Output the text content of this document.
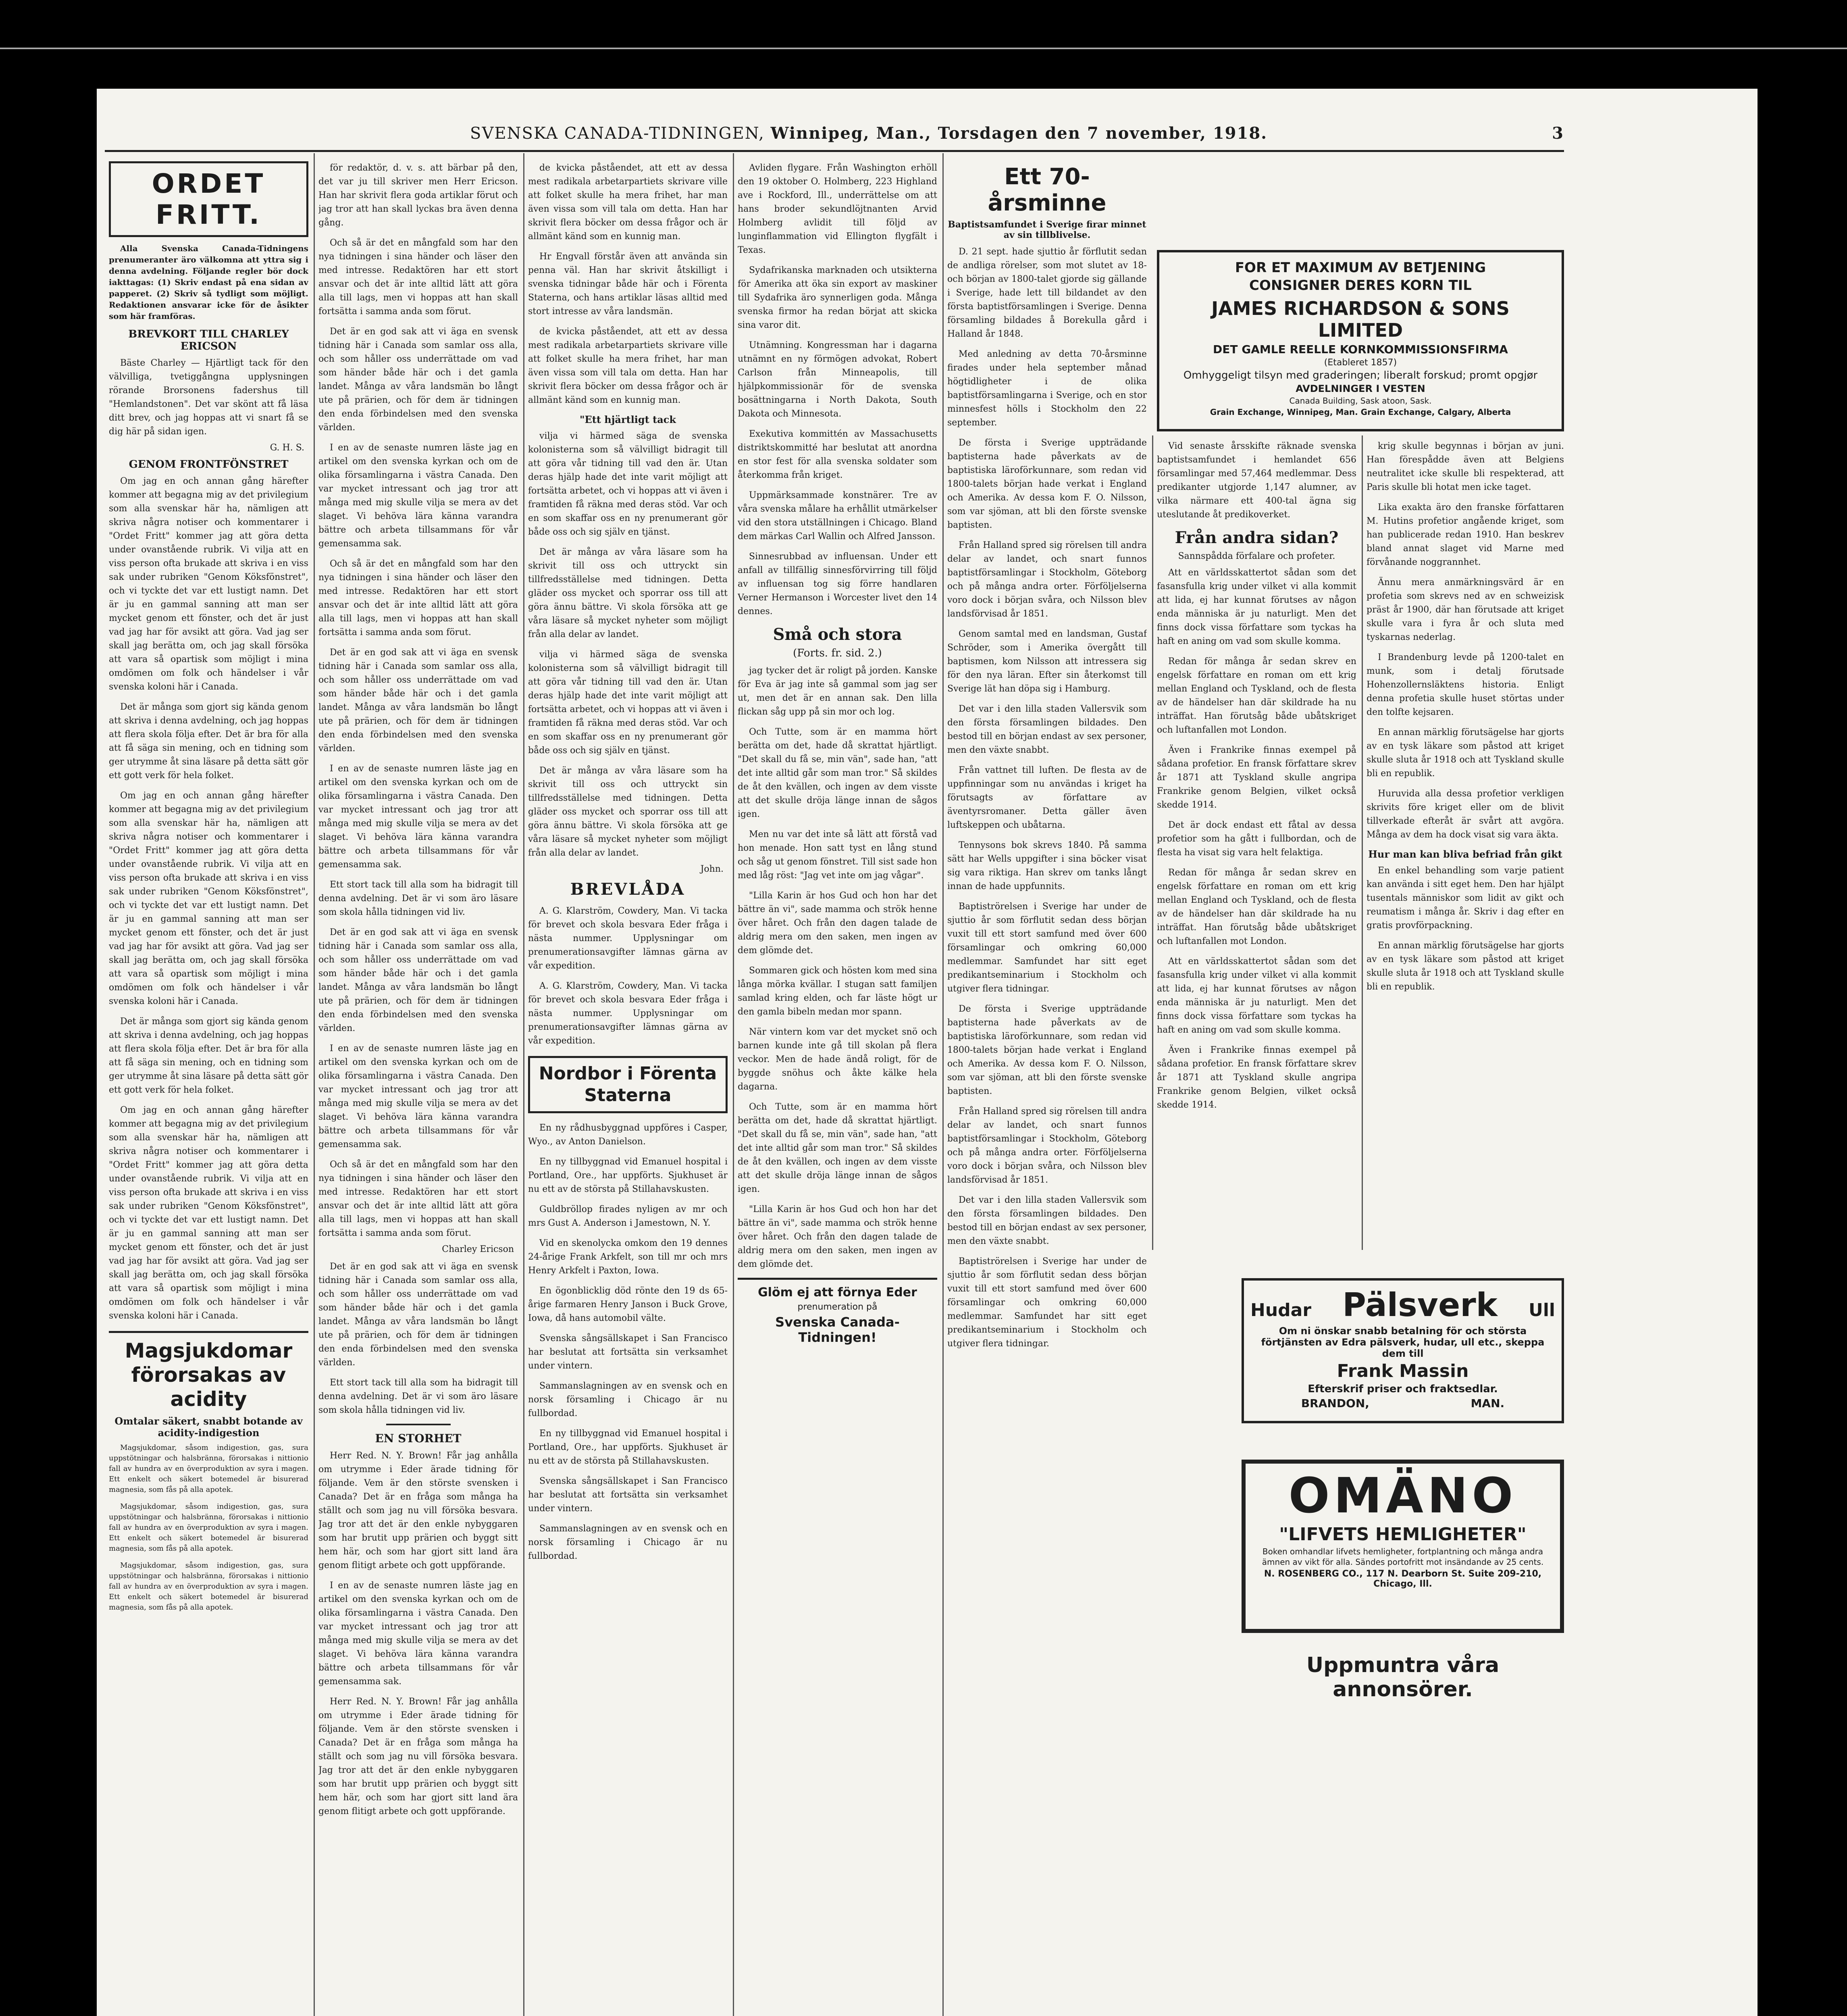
SVENSKA CANADA-TIDNINGEN, Winnipeg, Man., Torsdagen den 7 november, 1918.	3
ORDET FRITT.

Alla Svenska Canada-Tidningens prenumeranter äro välkomna att yttra sig i denna avdelning. Följande regler bör dock iakttagas: (1) Skriv endast på ena sidan av papperet. (2) Skriv så tydligt som möjligt. Redaktionen ansvarar icke för de åsikter som här framföras.

BREVKORT TILL CHARLEY ERICSON

Bäste Charley — Hjärtligt tack för den välvilliga, tvetiggångna upplysningen rörande Brorsonens fadershus till "Hemlandstonen". Det var skönt att få läsa ditt brev, och jag hoppas att vi snart få se dig här på sidan igen.

G. H. S.
GENOM FRONTFÖNSTRET

Om jag en och annan gång härefter kommer att begagna mig av det privilegium som alla svenskar här ha, nämligen att skriva några notiser och kommentarer i "Ordet Fritt" kommer jag att göra detta under ovanstående rubrik. Vi vilja att en viss person ofta brukade att skriva i en viss sak under rubriken "Genom Köksfönstret", och vi tyckte det var ett lustigt namn. Det är ju en gammal sanning att man ser mycket genom ett fönster, och det är just vad jag har för avsikt att göra. Vad jag ser skall jag berätta om, och jag skall försöka att vara så opartisk som möjligt i mina omdömen om folk och händelser i vår svenska koloni här i Canada.

Det är många som gjort sig kända genom att skriva i denna avdelning, och jag hoppas att flera skola följa efter. Det är bra för alla att få säga sin mening, och en tidning som ger utrymme åt sina läsare på detta sätt gör ett gott verk för hela folket.

Om jag en och annan gång härefter kommer att begagna mig av det privilegium som alla svenskar här ha, nämligen att skriva några notiser och kommentarer i "Ordet Fritt" kommer jag att göra detta under ovanstående rubrik. Vi vilja att en viss person ofta brukade att skriva i en viss sak under rubriken "Genom Köksfönstret", och vi tyckte det var ett lustigt namn. Det är ju en gammal sanning att man ser mycket genom ett fönster, och det är just vad jag har för avsikt att göra. Vad jag ser skall jag berätta om, och jag skall försöka att vara så opartisk som möjligt i mina omdömen om folk och händelser i vår svenska koloni här i Canada.

Det är många som gjort sig kända genom att skriva i denna avdelning, och jag hoppas att flera skola följa efter. Det är bra för alla att få säga sin mening, och en tidning som ger utrymme åt sina läsare på detta sätt gör ett gott verk för hela folket.

Om jag en och annan gång härefter kommer att begagna mig av det privilegium som alla svenskar här ha, nämligen att skriva några notiser och kommentarer i "Ordet Fritt" kommer jag att göra detta under ovanstående rubrik. Vi vilja att en viss person ofta brukade att skriva i en viss sak under rubriken "Genom Köksfönstret", och vi tyckte det var ett lustigt namn. Det är ju en gammal sanning att man ser mycket genom ett fönster, och det är just vad jag har för avsikt att göra. Vad jag ser skall jag berätta om, och jag skall försöka att vara så opartisk som möjligt i mina omdömen om folk och händelser i vår svenska koloni här i Canada.

Magsjukdomar förorsakas av acidity
Omtalar säkert, snabbt botande av acidity-indigestion

Magsjukdomar, såsom indigestion, gas, sura uppstötningar och halsbränna, förorsakas i nittionio fall av hundra av en överproduktion av syra i magen. Ett enkelt och säkert botemedel är bisurerad magnesia, som fås på alla apotek.

Magsjukdomar, såsom indigestion, gas, sura uppstötningar och halsbränna, förorsakas i nittionio fall av hundra av en överproduktion av syra i magen. Ett enkelt och säkert botemedel är bisurerad magnesia, som fås på alla apotek.

Magsjukdomar, såsom indigestion, gas, sura uppstötningar och halsbränna, förorsakas i nittionio fall av hundra av en överproduktion av syra i magen. Ett enkelt och säkert botemedel är bisurerad magnesia, som fås på alla apotek.

för redaktör, d. v. s. att bärbar på den, det var ju till skriver men Herr Ericson. Han har skrivit flera goda artiklar förut och jag tror att han skall lyckas bra även denna gång.

Och så är det en mångfald som har den nya tidningen i sina händer och läser den med intresse. Redaktören har ett stort ansvar och det är inte alltid lätt att göra alla till lags, men vi hoppas att han skall fortsätta i samma anda som förut.

Det är en god sak att vi äga en svensk tidning här i Canada som samlar oss alla, och som håller oss underrättade om vad som händer både här och i det gamla landet. Många av våra landsmän bo långt ute på prärien, och för dem är tidningen den enda förbindelsen med den svenska världen.

I en av de senaste numren läste jag en artikel om den svenska kyrkan och om de olika församlingarna i västra Canada. Den var mycket intressant och jag tror att många med mig skulle vilja se mera av det slaget. Vi behöva lära känna varandra bättre och arbeta tillsammans för vår gemensamma sak.

Och så är det en mångfald som har den nya tidningen i sina händer och läser den med intresse. Redaktören har ett stort ansvar och det är inte alltid lätt att göra alla till lags, men vi hoppas att han skall fortsätta i samma anda som förut.

Det är en god sak att vi äga en svensk tidning här i Canada som samlar oss alla, och som håller oss underrättade om vad som händer både här och i det gamla landet. Många av våra landsmän bo långt ute på prärien, och för dem är tidningen den enda förbindelsen med den svenska världen.

I en av de senaste numren läste jag en artikel om den svenska kyrkan och om de olika församlingarna i västra Canada. Den var mycket intressant och jag tror att många med mig skulle vilja se mera av det slaget. Vi behöva lära känna varandra bättre och arbeta tillsammans för vår gemensamma sak.

Ett stort tack till alla som ha bidragit till denna avdelning. Det är vi som äro läsare som skola hålla tidningen vid liv.

Det är en god sak att vi äga en svensk tidning här i Canada som samlar oss alla, och som håller oss underrättade om vad som händer både här och i det gamla landet. Många av våra landsmän bo långt ute på prärien, och för dem är tidningen den enda förbindelsen med den svenska världen.

I en av de senaste numren läste jag en artikel om den svenska kyrkan och om de olika församlingarna i västra Canada. Den var mycket intressant och jag tror att många med mig skulle vilja se mera av det slaget. Vi behöva lära känna varandra bättre och arbeta tillsammans för vår gemensamma sak.

Och så är det en mångfald som har den nya tidningen i sina händer och läser den med intresse. Redaktören har ett stort ansvar och det är inte alltid lätt att göra alla till lags, men vi hoppas att han skall fortsätta i samma anda som förut.

Charley Ericson

Det är en god sak att vi äga en svensk tidning här i Canada som samlar oss alla, och som håller oss underrättade om vad som händer både här och i det gamla landet. Många av våra landsmän bo långt ute på prärien, och för dem är tidningen den enda förbindelsen med den svenska världen.

Ett stort tack till alla som ha bidragit till denna avdelning. Det är vi som äro läsare som skola hålla tidningen vid liv.

EN STORHET

Herr Red. N. Y. Brown! Får jag anhålla om utrymme i Eder ärade tidning för följande. Vem är den störste svensken i Canada? Det är en fråga som många ha ställt och som jag nu vill försöka besvara. Jag tror att det är den enkle nybyggaren som har brutit upp prärien och byggt sitt hem här, och som har gjort sitt land ära genom flitigt arbete och gott uppförande.

I en av de senaste numren läste jag en artikel om den svenska kyrkan och om de olika församlingarna i västra Canada. Den var mycket intressant och jag tror att många med mig skulle vilja se mera av det slaget. Vi behöva lära känna varandra bättre och arbeta tillsammans för vår gemensamma sak.

Herr Red. N. Y. Brown! Får jag anhålla om utrymme i Eder ärade tidning för följande. Vem är den störste svensken i Canada? Det är en fråga som många ha ställt och som jag nu vill försöka besvara. Jag tror att det är den enkle nybyggaren som har brutit upp prärien och byggt sitt hem här, och som har gjort sitt land ära genom flitigt arbete och gott uppförande.

de kvicka påståendet, att ett av dessa mest radikala arbetarpartiets skrivare ville att folket skulle ha mera frihet, har man även vissa som vill tala om detta. Han har skrivit flera böcker om dessa frågor och är allmänt känd som en kunnig man.

Hr Engvall förstår även att använda sin penna väl. Han har skrivit åtskilligt i svenska tidningar både här och i Förenta Staterna, och hans artiklar läsas alltid med stort intresse av våra landsmän.

de kvicka påståendet, att ett av dessa mest radikala arbetarpartiets skrivare ville att folket skulle ha mera frihet, har man även vissa som vill tala om detta. Han har skrivit flera böcker om dessa frågor och är allmänt känd som en kunnig man.

"Ett hjärtligt tack

vilja vi härmed säga de svenska kolonisterna som så välvilligt bidragit till att göra vår tidning till vad den är. Utan deras hjälp hade det inte varit möjligt att fortsätta arbetet, och vi hoppas att vi även i framtiden få räkna med deras stöd. Var och en som skaffar oss en ny prenumerant gör både oss och sig själv en tjänst.

Det är många av våra läsare som ha skrivit till oss och uttryckt sin tillfredsställelse med tidningen. Detta gläder oss mycket och sporrar oss till att göra ännu bättre. Vi skola försöka att ge våra läsare så mycket nyheter som möjligt från alla delar av landet.

vilja vi härmed säga de svenska kolonisterna som så välvilligt bidragit till att göra vår tidning till vad den är. Utan deras hjälp hade det inte varit möjligt att fortsätta arbetet, och vi hoppas att vi även i framtiden få räkna med deras stöd. Var och en som skaffar oss en ny prenumerant gör både oss och sig själv en tjänst.

Det är många av våra läsare som ha skrivit till oss och uttryckt sin tillfredsställelse med tidningen. Detta gläder oss mycket och sporrar oss till att göra ännu bättre. Vi skola försöka att ge våra läsare så mycket nyheter som möjligt från alla delar av landet.

John.
BREVLÅDA

A. G. Klarström, Cowdery, Man. Vi tacka för brevet och skola besvara Eder fråga i nästa nummer. Upplysningar om prenumerationsavgifter lämnas gärna av vår expedition.

A. G. Klarström, Cowdery, Man. Vi tacka för brevet och skola besvara Eder fråga i nästa nummer. Upplysningar om prenumerationsavgifter lämnas gärna av vår expedition.

Nordbor i Förenta Staterna

En ny rådhusbyggnad uppföres i Casper, Wyo., av Anton Danielson.

En ny tillbyggnad vid Emanuel hospital i Portland, Ore., har uppförts. Sjukhuset är nu ett av de största på Stillahavskusten.

Guldbröllop firades nyligen av mr och mrs Gust A. Anderson i Jamestown, N. Y.

Vid en skenolycka omkom den 19 dennes 24-årige Frank Arkfelt, son till mr och mrs Henry Arkfelt i Paxton, Iowa.

En ögonblicklig död rönte den 19 ds 65-årige farmaren Henry Janson i Buck Grove, Iowa, då hans automobil välte.

Svenska sångsällskapet i San Francisco har beslutat att fortsätta sin verksamhet under vintern.

Sammanslagningen av en svensk och en norsk församling i Chicago är nu fullbordad.

En ny tillbyggnad vid Emanuel hospital i Portland, Ore., har uppförts. Sjukhuset är nu ett av de största på Stillahavskusten.

Svenska sångsällskapet i San Francisco har beslutat att fortsätta sin verksamhet under vintern.

Sammanslagningen av en svensk och en norsk församling i Chicago är nu fullbordad.

Avliden flygare. Från Washington erhöll den 19 oktober O. Holmberg, 223 Highland ave i Rockford, Ill., underrättelse om att hans broder sekundlöjtnanten Arvid Holmberg avlidit till följd av lunginflammation vid Ellington flygfält i Texas.

Sydafrikanska marknaden och utsikterna för Amerika att öka sin export av maskiner till Sydafrika äro synnerligen goda. Många svenska firmor ha redan börjat att skicka sina varor dit.

Utnämning. Kongressman har i dagarna utnämnt en ny förmögen advokat, Robert Carlson från Minneapolis, till hjälpkommissionär för de svenska bosättningarna i North Dakota, South Dakota och Minnesota.

Exekutiva kommittén av Massachusetts distriktskommitté har beslutat att anordna en stor fest för alla svenska soldater som återkomma från kriget.

Uppmärksammade konstnärer. Tre av våra svenska målare ha erhållit utmärkelser vid den stora utställningen i Chicago. Bland dem märkas Carl Wallin och Alfred Jansson.

Sinnesrubbad av influensan. Under ett anfall av tillfällig sinnesförvirring till följd av influensan tog sig förre handlaren Verner Hermanson i Worcester livet den 14 dennes.

Små och stora
(Forts. fr. sid. 2.)

jag tycker det är roligt på jorden. Kanske för Eva är jag inte så gammal som jag ser ut, men det är en annan sak. Den lilla flickan såg upp på sin mor och log.

Och Tutte, som är en mamma hört berätta om det, hade då skrattat hjärtligt. "Det skall du få se, min vän", sade han, "att det inte alltid går som man tror." Så skildes de åt den kvällen, och ingen av dem visste att det skulle dröja länge innan de sågos igen.

Men nu var det inte så lätt att förstå vad hon menade. Hon satt tyst en lång stund och såg ut genom fönstret. Till sist sade hon med låg röst: "Jag vet inte om jag vågar".

"Lilla Karin är hos Gud och hon har det bättre än vi", sade mamma och strök henne över håret. Och från den dagen talade de aldrig mera om den saken, men ingen av dem glömde det.

Sommaren gick och hösten kom med sina långa mörka kvällar. I stugan satt familjen samlad kring elden, och far läste högt ur den gamla bibeln medan mor spann.

När vintern kom var det mycket snö och barnen kunde inte gå till skolan på flera veckor. Men de hade ändå roligt, för de byggde snöhus och åkte kälke hela dagarna.

Och Tutte, som är en mamma hört berätta om det, hade då skrattat hjärtligt. "Det skall du få se, min vän", sade han, "att det inte alltid går som man tror." Så skildes de åt den kvällen, och ingen av dem visste att det skulle dröja länge innan de sågos igen.

"Lilla Karin är hos Gud och hon har det bättre än vi", sade mamma och strök henne över håret. Och från den dagen talade de aldrig mera om den saken, men ingen av dem glömde det.

Glöm ej att förnya Eder
prenumeration på
Svenska Canada-Tidningen!
Ett 70-årsminne
Baptistsamfundet i Sverige firar minnet av sin tillblivelse.

D. 21 sept. hade sjuttio år förflutit sedan de andliga rörelser, som mot slutet av 18- och början av 1800-talet gjorde sig gällande i Sverige, hade lett till bildandet av den första baptistförsamlingen i Sverige. Denna församling bildades å Borekulla gård i Halland år 1848.

Med anledning av detta 70-årsminne firades under hela september månad högtidligheter i de olika baptistförsamlingarna i Sverige, och en stor minnesfest hölls i Stockholm den 22 september.

De första i Sverige uppträdande baptisterna hade påverkats av de baptistiska läroförkunnare, som redan vid 1800-talets början hade verkat i England och Amerika. Av dessa kom F. O. Nilsson, som var sjöman, att bli den förste svenske baptisten.

Från Halland spred sig rörelsen till andra delar av landet, och snart funnos baptistförsamlingar i Stockholm, Göteborg och på många andra orter. Förföljelserna voro dock i början svåra, och Nilsson blev landsförvisad år 1851.

Genom samtal med en landsman, Gustaf Schröder, som i Amerika övergått till baptismen, kom Nilsson att intressera sig för den nya läran. Efter sin återkomst till Sverige lät han döpa sig i Hamburg.

Det var i den lilla staden Vallersvik som den första församlingen bildades. Den bestod till en början endast av sex personer, men den växte snabbt.

Från vattnet till luften. De flesta av de uppfinningar som nu användas i kriget ha förutsagts av författare av äventyrsromaner. Detta gäller även luftskeppen och ubåtarna.

Tennysons bok skrevs 1840. På samma sätt har Wells uppgifter i sina böcker visat sig vara riktiga. Han skrev om tanks långt innan de hade uppfunnits.

Baptiströrelsen i Sverige har under de sjuttio år som förflutit sedan dess början vuxit till ett stort samfund med över 600 församlingar och omkring 60,000 medlemmar. Samfundet har sitt eget predikantseminarium i Stockholm och utgiver flera tidningar.

De första i Sverige uppträdande baptisterna hade påverkats av de baptistiska läroförkunnare, som redan vid 1800-talets början hade verkat i England och Amerika. Av dessa kom F. O. Nilsson, som var sjöman, att bli den förste svenske baptisten.

Från Halland spred sig rörelsen till andra delar av landet, och snart funnos baptistförsamlingar i Stockholm, Göteborg och på många andra orter. Förföljelserna voro dock i början svåra, och Nilsson blev landsförvisad år 1851.

Det var i den lilla staden Vallersvik som den första församlingen bildades. Den bestod till en början endast av sex personer, men den växte snabbt.

Baptiströrelsen i Sverige har under de sjuttio år som förflutit sedan dess början vuxit till ett stort samfund med över 600 församlingar och omkring 60,000 medlemmar. Samfundet har sitt eget predikantseminarium i Stockholm och utgiver flera tidningar.

FOR ET MAXIMUM AV BETJENING
CONSIGNER DERES KORN TIL
JAMES RICHARDSON & SONS LIMITED
DET GAMLE REELLE KORNKOMMISSIONSFIRMA
(Etableret 1857)
Omhyggeligt tilsyn med graderingen; liberalt forskud; promt opgjør
AVDELNINGER I VESTEN
Canada Building, Sask atoon, Sask.
Grain Exchange, Winnipeg, Man. Grain Exchange, Calgary, Alberta

Vid senaste årsskifte räknade svenska baptistsamfundet i hemlandet 656 församlingar med 57,464 medlemmar. Dess predikanter utgjorde 1,147 alumner, av vilka närmare ett 400-tal ägna sig uteslutande åt predikoverket.

Från andra sidan?
Sannspådda förfalare och profeter.

Att en världsskattertot sådan som det fasansfulla krig under vilket vi alla kommit att lida, ej har kunnat förutses av någon enda människa är ju naturligt. Men det finns dock vissa författare som tyckas ha haft en aning om vad som skulle komma.

Redan för många år sedan skrev en engelsk författare en roman om ett krig mellan England och Tyskland, och de flesta av de händelser han där skildrade ha nu inträffat. Han förutsåg både ubåtskriget och luftanfallen mot London.

Även i Frankrike finnas exempel på sådana profetior. En fransk författare skrev år 1871 att Tyskland skulle angripa Frankrike genom Belgien, vilket också skedde 1914.

Det är dock endast ett fåtal av dessa profetior som ha gått i fullbordan, och de flesta ha visat sig vara helt felaktiga.

Redan för många år sedan skrev en engelsk författare en roman om ett krig mellan England och Tyskland, och de flesta av de händelser han där skildrade ha nu inträffat. Han förutsåg både ubåtskriget och luftanfallen mot London.

Att en världsskattertot sådan som det fasansfulla krig under vilket vi alla kommit att lida, ej har kunnat förutses av någon enda människa är ju naturligt. Men det finns dock vissa författare som tyckas ha haft en aning om vad som skulle komma.

Även i Frankrike finnas exempel på sådana profetior. En fransk författare skrev år 1871 att Tyskland skulle angripa Frankrike genom Belgien, vilket också skedde 1914.

krig skulle begynnas i början av juni. Han förespådde även att Belgiens neutralitet icke skulle bli respekterad, att Paris skulle bli hotat men icke taget.

Lika exakta äro den franske författaren M. Hutins profetior angående kriget, som han publicerade redan 1910. Han beskrev bland annat slaget vid Marne med förvånande noggrannhet.

Ännu mera anmärkningsvärd är en profetia som skrevs ned av en schweizisk präst år 1900, där han förutsade att kriget skulle vara i fyra år och sluta med tyskarnas nederlag.

I Brandenburg levde på 1200-talet en munk, som i detalj förutsade Hohenzollernsläktens historia. Enligt denna profetia skulle huset störtas under den tolfte kejsaren.

En annan märklig förutsägelse har gjorts av en tysk läkare som påstod att kriget skulle sluta år 1918 och att Tyskland skulle bli en republik.

Huruvida alla dessa profetior verkligen skrivits före kriget eller om de blivit tillverkade efteråt är svårt att avgöra. Många av dem ha dock visat sig vara äkta.

Hur man kan bliva befriad från gikt

En enkel behandling som varje patient kan använda i sitt eget hem. Den har hjälpt tusentals människor som lidit av gikt och reumatism i många år. Skriv i dag efter en gratis provförpackning.

En annan märklig förutsägelse har gjorts av en tysk läkare som påstod att kriget skulle sluta år 1918 och att Tyskland skulle bli en republik.

Hudar Pälsverk Ull
Om ni önskar snabb betalning för och största förtjänsten av Edra pälsverk, hudar, ull etc., skeppa dem till
Frank Massin
Efterskrif priser och fraktsedlar.
BRANDON,	MAN.
OMÄNO
"LIFVETS HEMLIGHETER"
Boken omhandlar lifvets hemligheter, fortplantning och många andra ämnen av vikt för alla. Sändes portofritt mot insändande av 25 cents.
N. ROSENBERG CO., 117 N. Dearborn St. Suite 209-210, Chicago, Ill.
Uppmuntra våra annonsörer.
